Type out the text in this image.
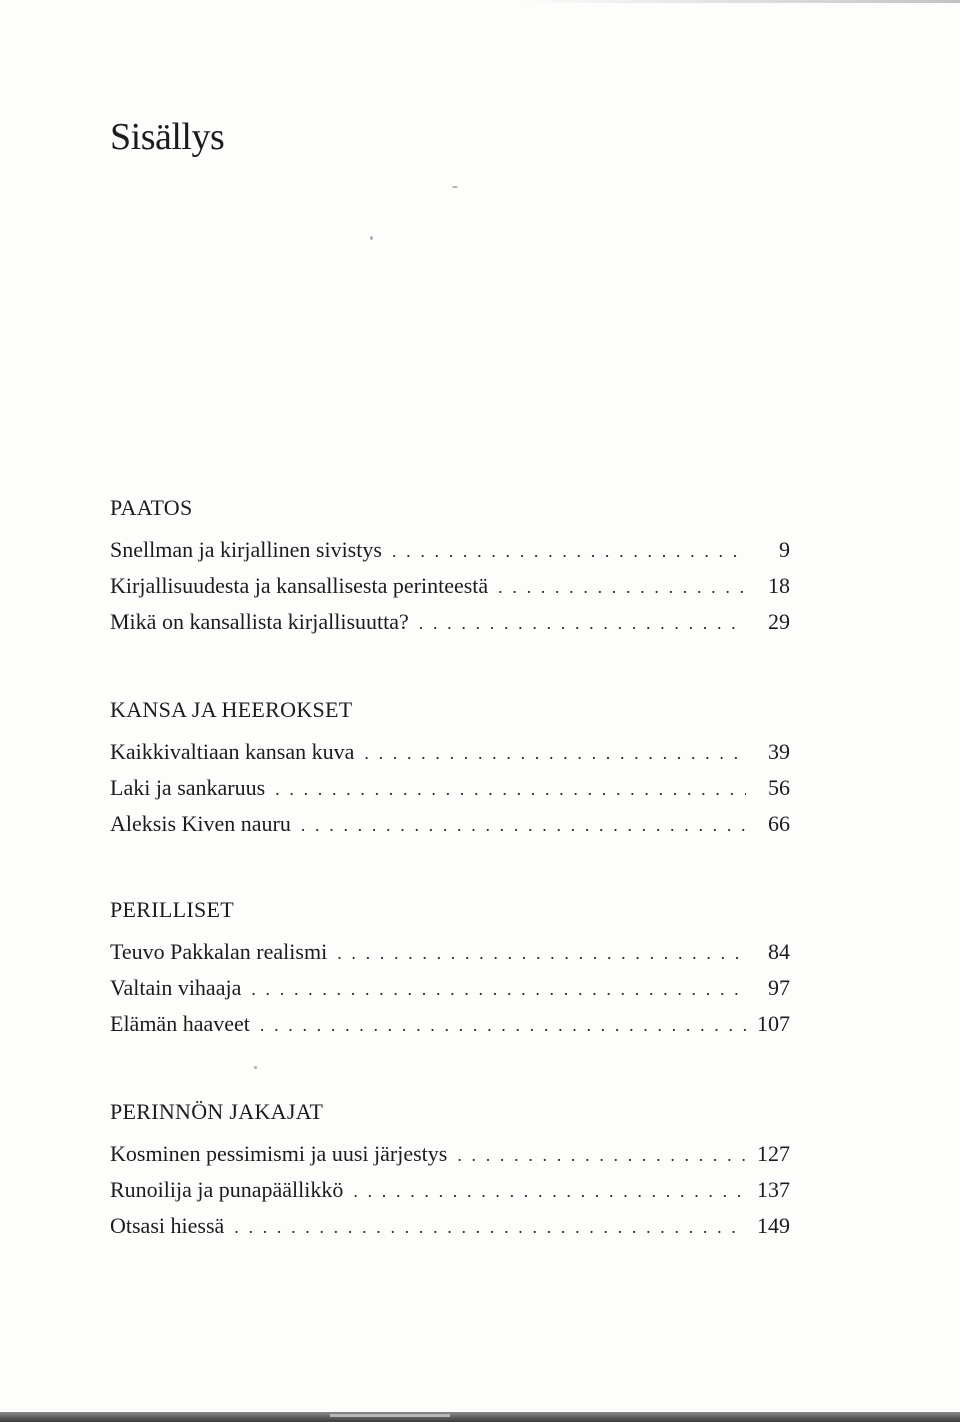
Sisällys
PAATOS
Snellman ja kirjallinen sivistys . . .	9
Kirjallisuudesta ja kansallisesta perinteestä . . .	18
Mikä on kansallista kirjallisuutta? . . .	29
KANSA JA HEEROKSET
Kaikkivaltiaan kansan kuva . . .	39
Laki ja sankaruus . . .	56
Aleksis Kiven nauru . . .	66
PERILLISET
Teuvo Pakkalan realismi . . .	84
Valtain vihaaja . . .	97
Elämän haaveet . . .	107
PERINNÖN JAKAJAT
Kosminen pessimismi ja uusi järjestys . . .	127
Runoilija ja punapäällikkö . . .	137
Otsasi hiessä . . .	149
